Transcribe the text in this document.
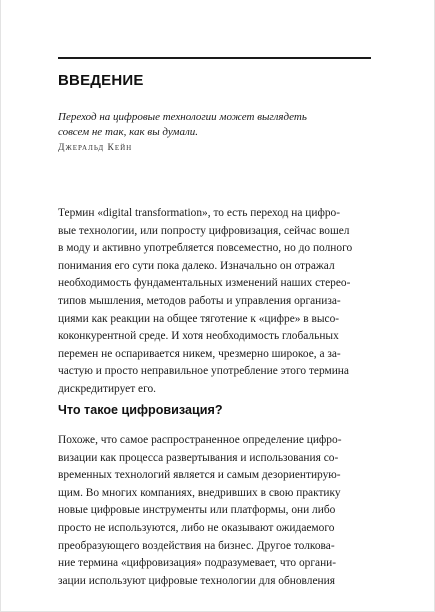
ВВЕДЕНИЕ
Переход на цифровые технологии может выглядеть
совсем не так, как вы думали.
Джеральд Кейн
Термин «digital transformation», то есть переход на цифро-
вые технологии, или попросту цифровизация, сейчас вошел
в моду и активно употребляется повсеместно, но до полного
понимания его сути пока далеко. Изначально он отражал
необходимость фундаментальных изменений наших стерео-
типов мышления, методов работы и управления организа-
циями как реакции на общее тяготение к «цифре» в высо-
коконкурентной среде. И хотя необходимость глобальных
перемен не оспаривается никем, чрезмерно широкое, а за-
частую и просто неправильное употребление этого термина
дискредитирует его.
Что такое цифровизация?
Похоже, что самое распространенное определение цифро-
визации как процесса развертывания и использования со-
временных технологий является и самым дезориентирую-
щим. Во многих компаниях, внедривших в свою практику
новые цифровые инструменты или платформы, они либо
просто не используются, либо не оказывают ожидаемого
преобразующего воздействия на бизнес. Другое толкова-
ние термина «цифровизация» подразумевает, что органи-
зации используют цифровые технологии для обновления
